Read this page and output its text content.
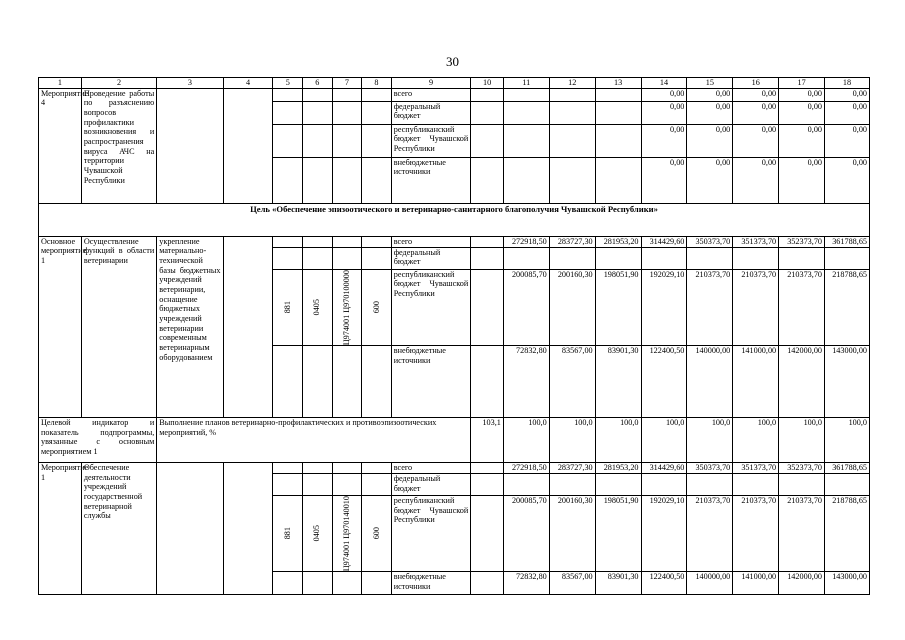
30
1	2	3	4	5	6	7	8	9	10	11	12	13	14	15	16	17	18
Мероприятие 4	Проведение работы по разъяснению вопросов профилактики возникновения и распространения вируса АЧС на территории Чувашской Республики							всего					0,00	0,00	0,00	0,00	0,00
								федеральный бюджет					0,00	0,00	0,00	0,00	0,00
								республиканский бюджет Чувашской Республики					0,00	0,00	0,00	0,00	0,00
								внебюджетные источники					0,00	0,00	0,00	0,00	0,00
Цель «Обеспечение эпизоотического и ветеринарно-санитарного благополучия Чувашской Республики»																	
Основное мероприятие 1	Осуществление функций в области ветеринарии	укрепление материально-технической базы бюджетных учреждений ветеринарии, оснащение бюджетных учреждений ветеринарии современным ветеринарным оборудованием						всего		272918,50	283727,30	281953,20	314429,60	350373,70	351373,70	352373,70	361788,65
								федеральный бюджет									

				881	0405	Ц974001 Ц970100000	600	республиканский бюджет Чувашской Республики		200085,70	200160,30	198051,90	192029,10	210373,70	210373,70	210373,70	218788,65
								внебюджетные источники		72832,80	83567,00	83901,30	122400,50	140000,00	141000,00	142000,00	143000,00
Целевой индикатор и показатель подпрограммы, увязанные с основным мероприятием 1		Выполнение планов ветеринарно-профилактических и противоэпизоотических мероприятий, %							103,1	100,0	100,0	100,0	100,0	100,0	100,0	100,0	100,0
Мероприятие 1	Обеспечение деятельности учреждений государственной ветеринарной службы							всего		272918,50	283727,30	281953,20	314429,60	350373,70	351373,70	352373,70	361788,65
								федеральный бюджет									

				881	0405	Ц974001 Ц970140010	600	республиканский бюджет Чувашской Республики		200085,70	200160,30	198051,90	192029,10	210373,70	210373,70	210373,70	218788,65
								внебюджетные источники		72832,80	83567,00	83901,30	122400,50	140000,00	141000,00	142000,00	143000,00
